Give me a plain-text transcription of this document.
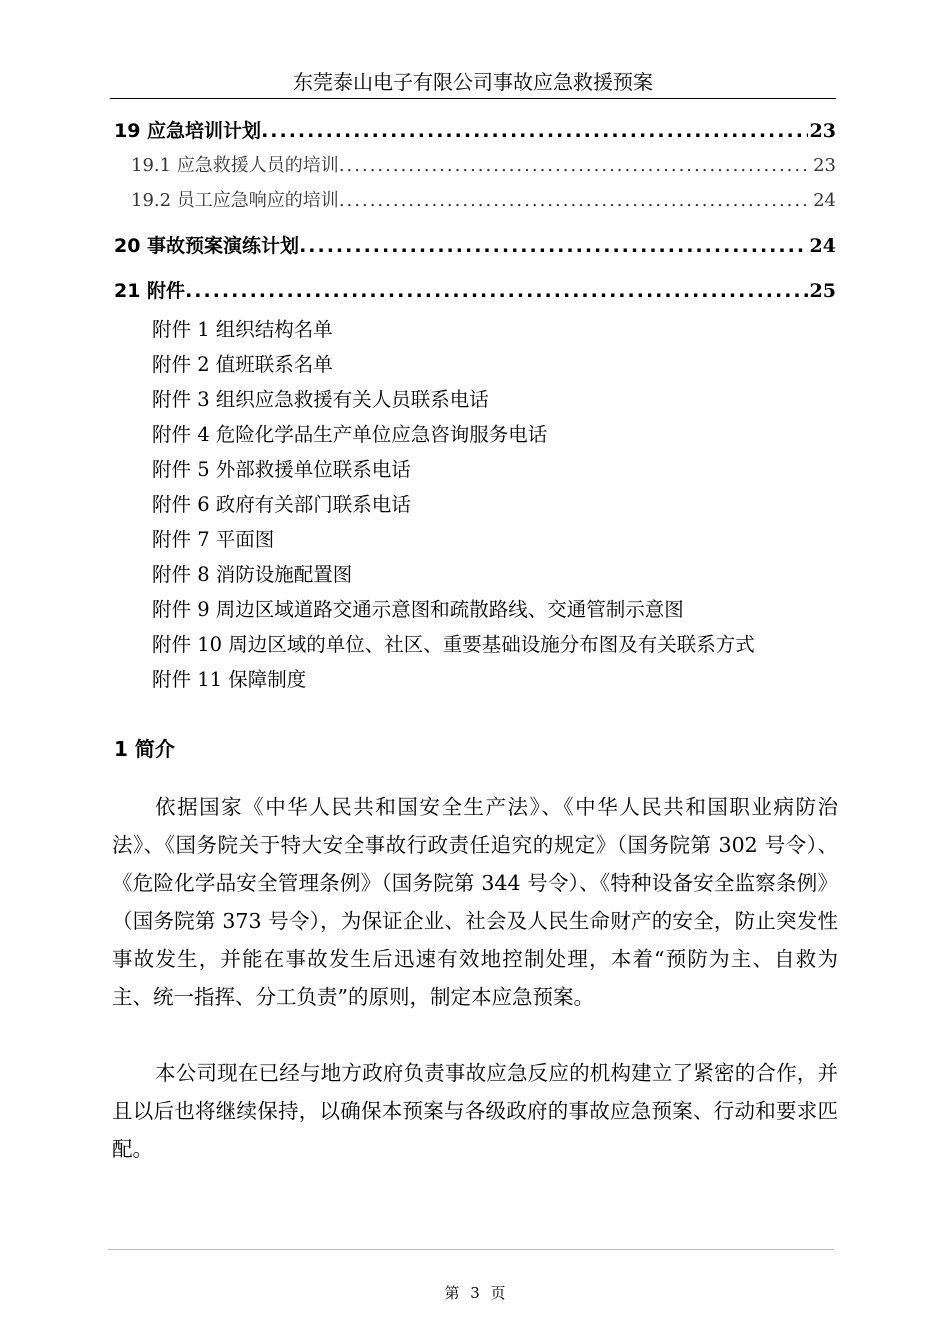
东莞泰山电子有限公司事故应急救援预案
19 应急培训计划 .....	23
19.1 应急救援人员的培训 .....	23
19.2 员工应急响应的培训 .....	24
20 事故预案演练计划 .....	24
21 附件 .....	25
附件 1 组织结构名单
附件 2 值班联系名单
附件 3 组织应急救援有关人员联系电话
附件 4 危险化学品生产单位应急咨询服务电话
附件 5 外部救援单位联系电话
附件 6 政府有关部门联系电话
附件 7 平面图
附件 8 消防设施配置图
附件 9 周边区域道路交通示意图和疏散路线、交通管制示意图
附件 10 周边区域的单位、社区、重要基础设施分布图及有关联系方式
附件 11 保障制度
1 简介
依据国家《中华人民共和国安全生产法》、《中华人民共和国职业病防治法》、《国务院关于特大安全事故行政责任追究的规定》（国务院第 302 号令）、《危险化学品安全管理条例》（国务院第 344 号令）、《特种设备安全监察条例》（国务院第 373 号令），为保证企业、社会及人民生命财产的安全，防止突发性事故发生，并能在事故发生后迅速有效地控制处理，本着“预防为主、自救为主、统一指挥、分工负责”的原则，制定本应急预案。
本公司现在已经与地方政府负责事故应急反应的机构建立了紧密的合作，并且以后也将继续保持，以确保本预案与各级政府的事故应急预案、行动和要求匹配。
第 3 页
